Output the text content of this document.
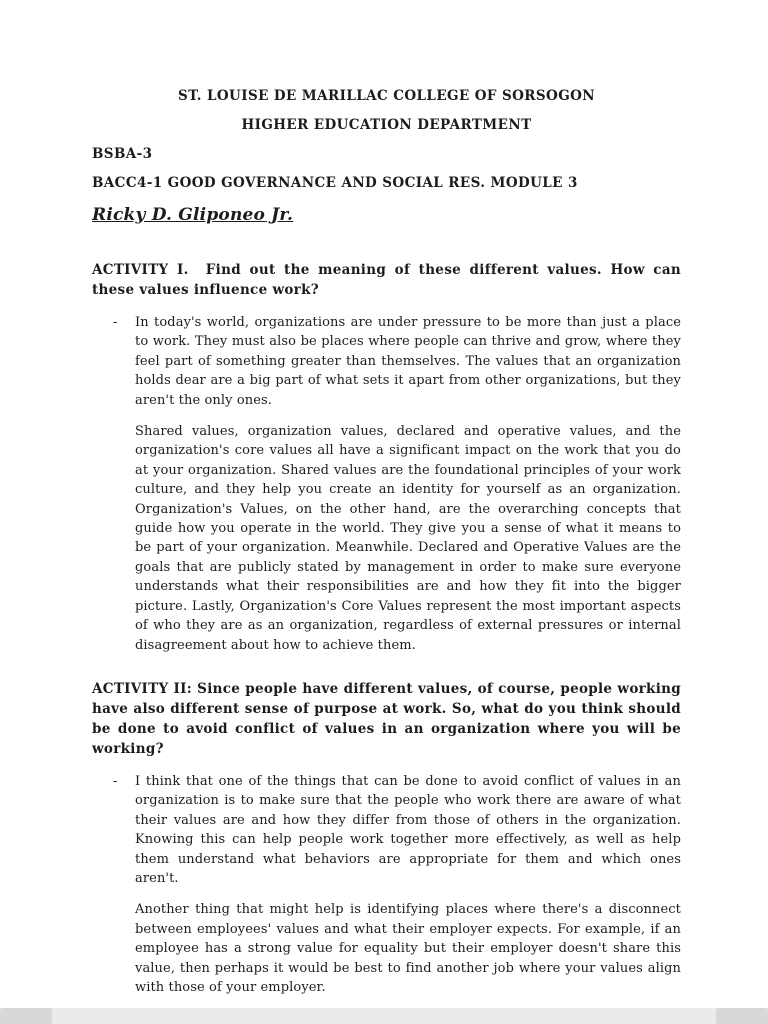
ST. LOUISE DE MARILLAC COLLEGE OF SORSOGON

HIGHER EDUCATION DEPARTMENT

BSBA-3

BACC4-1 GOOD GOVERNANCE AND SOCIAL RES. MODULE 3

Ricky D. Gliponeo Jr.

ACTIVITY I.  Find out the meaning of these different values. How can these values influence work?

-	In today's world, organizations are under pressure to be more than just a place to work. They must also be places where people can thrive and grow, where they feel part of something greater than themselves. The values that an organization holds dear are a big part of what sets it apart from other organizations, but they aren't the only ones.

Shared values, organization values, declared and operative values, and the organization's core values all have a significant impact on the work that you do at your organization. Shared values are the foundational principles of your work culture, and they help you create an identity for yourself as an organization. Organization's Values, on the other hand, are the overarching concepts that guide how you operate in the world. They give you a sense of what it means to be part of your organization. Meanwhile. Declared and Operative Values are the goals that are publicly stated by management in order to make sure everyone understands what their responsibilities are and how they fit into the bigger picture. Lastly, Organization's Core Values represent the most important aspects of who they are as an organization, regardless of external pressures or internal disagreement about how to achieve them.

ACTIVITY II: Since people have different values, of course, people working have also different sense of purpose at work. So, what do you think should be done to avoid conflict of values in an organization where you will be working?

-	I think that one of the things that can be done to avoid conflict of values in an organization is to make sure that the people who work there are aware of what their values are and how they differ from those of others in the organization. Knowing this can help people work together more effectively, as well as help them understand what behaviors are appropriate for them and which ones aren't.

Another thing that might help is identifying places where there's a disconnect between employees' values and what their employer expects. For example, if an employee has a strong value for equality but their employer doesn't share this value, then perhaps it would be best to find another job where your values align with those of your employer.
